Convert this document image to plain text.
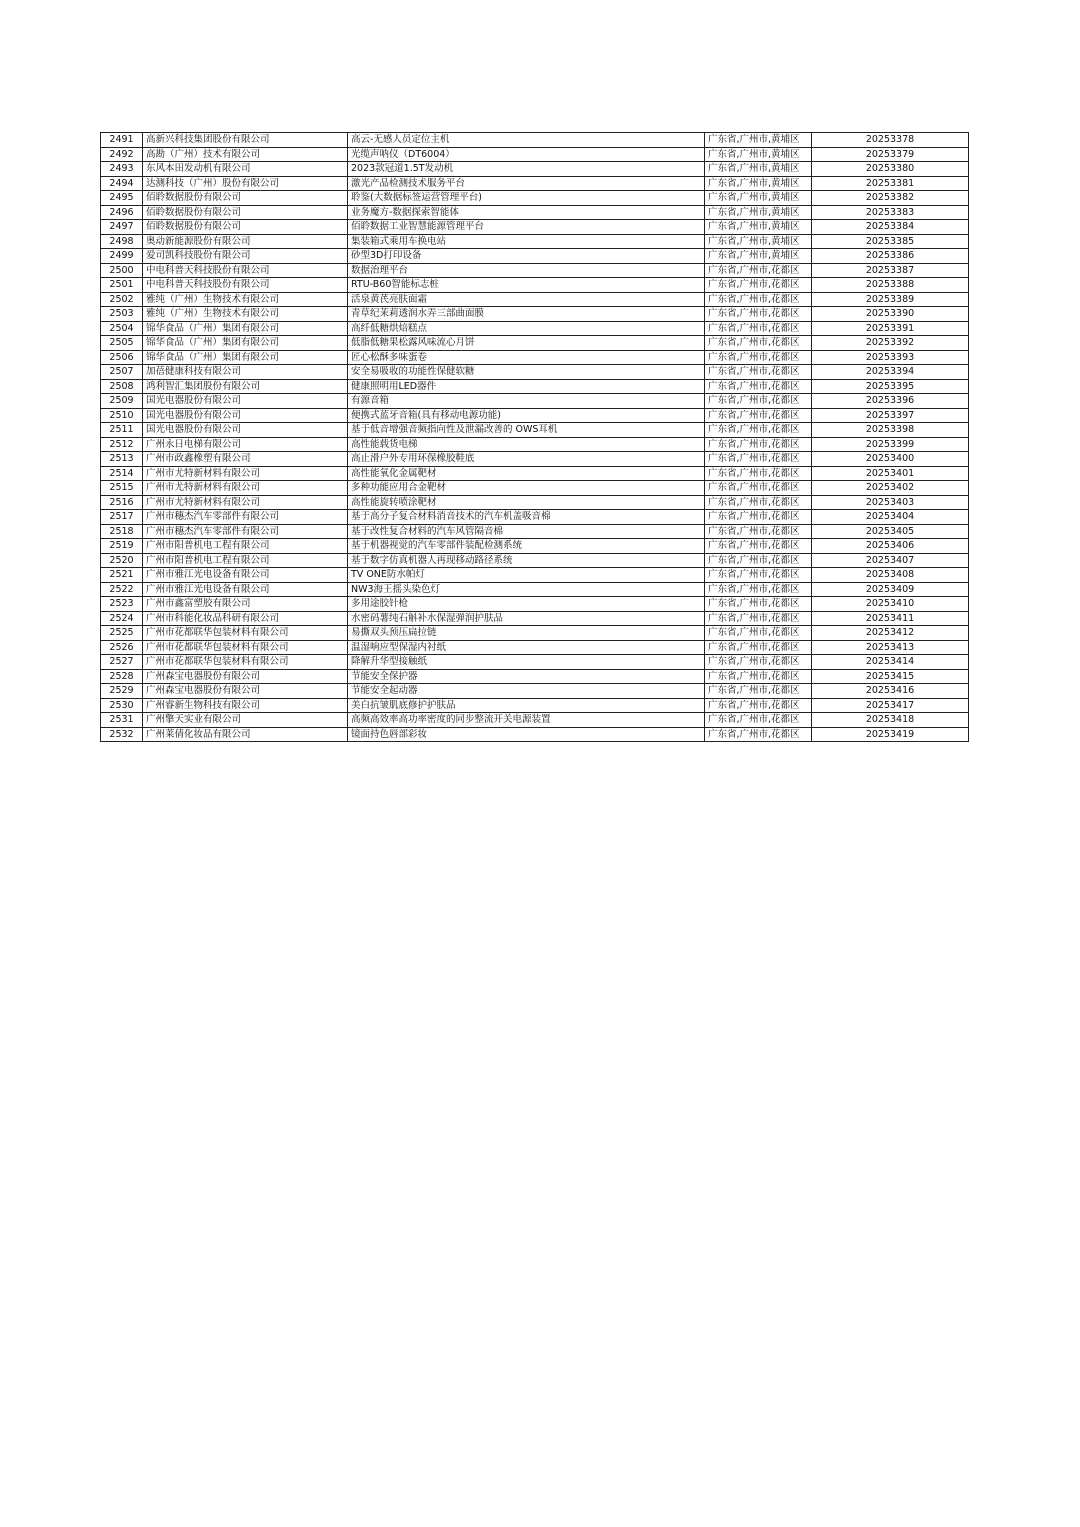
2491	高新兴科技集团股份有限公司	高云-无感人员定位主机	广东省,广州市,黄埔区	20253378
2492	高勘（广州）技术有限公司	光缆声呐仪（DT6004）	广东省,广州市,黄埔区	20253379
2493	东风本田发动机有限公司	2023款冠道1.5T发动机	广东省,广州市,黄埔区	20253380
2494	达测科技（广州）股份有限公司	激光产品检测技术服务平台	广东省,广州市,黄埔区	20253381
2495	佰聆数据股份有限公司	聆鉴(大数据标签运营管理平台)	广东省,广州市,黄埔区	20253382
2496	佰聆数据股份有限公司	业务魔方-数据探索智能体	广东省,广州市,黄埔区	20253383
2497	佰聆数据股份有限公司	佰聆数据工业智慧能源管理平台	广东省,广州市,黄埔区	20253384
2498	奥动新能源股份有限公司	集装箱式乘用车换电站	广东省,广州市,黄埔区	20253385
2499	爱司凯科技股份有限公司	砂型3D打印设备	广东省,广州市,黄埔区	20253386
2500	中电科普天科技股份有限公司	数据治理平台	广东省,广州市,花都区	20253387
2501	中电科普天科技股份有限公司	RTU-B60智能标志桩	广东省,广州市,花都区	20253388
2502	雅纯（广州）生物技术有限公司	活泉黄芪亮肤面霜	广东省,广州市,花都区	20253389
2503	雅纯（广州）生物技术有限公司	青草纪茉莉透润水弄三部曲面膜	广东省,广州市,花都区	20253390
2504	锦华食品（广州）集团有限公司	高纤低糖烘焙糕点	广东省,广州市,花都区	20253391
2505	锦华食品（广州）集团有限公司	低脂低糖果松露风味流心月饼	广东省,广州市,花都区	20253392
2506	锦华食品（广州）集团有限公司	匠心松酥多味蛋卷	广东省,广州市,花都区	20253393
2507	加蓓健康科技有限公司	安全易吸收的功能性保健软糖	广东省,广州市,花都区	20253394
2508	鸿利智汇集团股份有限公司	健康照明用LED器件	广东省,广州市,花都区	20253395
2509	国光电器股份有限公司	有源音箱	广东省,广州市,花都区	20253396
2510	国光电器股份有限公司	便携式蓝牙音箱(具有移动电源功能)	广东省,广州市,花都区	20253397
2511	国光电器股份有限公司	基于低音增强音频指向性及泄漏改善的 OWS耳机	广东省,广州市,花都区	20253398
2512	广州永日电梯有限公司	高性能载货电梯	广东省,广州市,花都区	20253399
2513	广州市政鑫橡塑有限公司	高止滑户外专用环保橡胶鞋底	广东省,广州市,花都区	20253400
2514	广州市尤特新材料有限公司	高性能氧化金属靶材	广东省,广州市,花都区	20253401
2515	广州市尤特新材料有限公司	多种功能应用合金靶材	广东省,广州市,花都区	20253402
2516	广州市尤特新材料有限公司	高性能旋转喷涂靶材	广东省,广州市,花都区	20253403
2517	广州市穗杰汽车零部件有限公司	基于高分子复合材料消音技术的汽车机盖吸音棉	广东省,广州市,花都区	20253404
2518	广州市穗杰汽车零部件有限公司	基于改性复合材料的汽车风管隔音棉	广东省,广州市,花都区	20253405
2519	广州市阳普机电工程有限公司	基于机器视觉的汽车零部件装配检测系统	广东省,广州市,花都区	20253406
2520	广州市阳普机电工程有限公司	基于数字仿真机器人再现移动路径系统	广东省,广州市,花都区	20253407
2521	广州市雅江光电设备有限公司	TV ONE防水帕灯	广东省,广州市,花都区	20253408
2522	广州市雅江光电设备有限公司	NW3海王摇头染色灯	广东省,广州市,花都区	20253409
2523	广州市鑫富塑胶有限公司	多用途胶针枪	广东省,广州市,花都区	20253410
2524	广州市科能化妆品科研有限公司	水密码薯纯石斛补水保湿弹润护肤品	广东省,广州市,花都区	20253411
2525	广州市花都联华包装材料有限公司	易撕双头预压扁拉链	广东省,广州市,花都区	20253412
2526	广州市花都联华包装材料有限公司	温湿响应型保湿内衬纸	广东省,广州市,花都区	20253413
2527	广州市花都联华包装材料有限公司	降解升华型接触纸	广东省,广州市,花都区	20253414
2528	广州森宝电器股份有限公司	节能安全保护器	广东省,广州市,花都区	20253415
2529	广州森宝电器股份有限公司	节能安全起动器	广东省,广州市,花都区	20253416
2530	广州睿新生物科技有限公司	美白抗皱肌底修护护肤品	广东省,广州市,花都区	20253417
2531	广州擎天实业有限公司	高频高效率高功率密度的同步整流开关电源装置	广东省,广州市,花都区	20253418
2532	广州莱倩化妆品有限公司	镜面持色唇部彩妆	广东省,广州市,花都区	20253419
